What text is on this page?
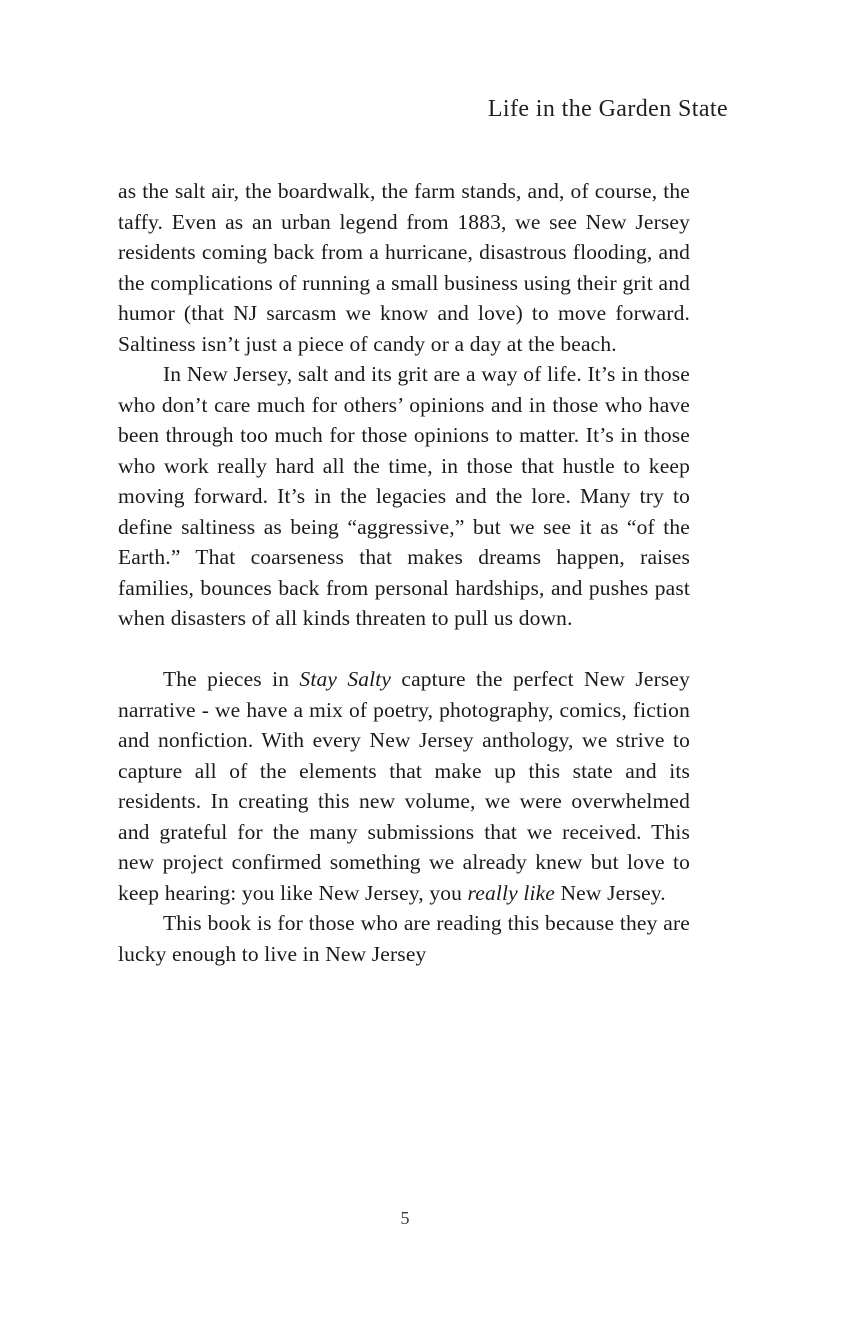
Life in the Garden State

as the salt air, the boardwalk, the farm stands, and, of course, the taffy. Even as an urban legend from 1883, we see New Jersey residents coming back from a hurricane, disastrous flooding, and the complications of running a small business using their grit and humor (that NJ sarcasm we know and love) to move forward. Saltiness isn’t just a piece of candy or a day at the beach.

In New Jersey, salt and its grit are a way of life. It’s in those who don’t care much for others’ opinions and in those who have been through too much for those opinions to matter. It’s in those who work really hard all the time, in those that hustle to keep moving forward. It’s in the legacies and the lore. Many try to define saltiness as being “aggressive,” but we see it as “of the Earth.” That coarseness that makes dreams happen, raises families, bounces back from personal hardships, and pushes past when disasters of all kinds threaten to pull us down.

The pieces in Stay Salty capture the perfect New Jersey narrative - we have a mix of poetry, photography, comics, fiction and nonfiction. With every New Jersey anthology, we strive to capture all of the elements that make up this state and its residents. In creating this new volume, we were overwhelmed and grateful for the many submissions that we received. This new project confirmed something we already knew but love to keep hearing: you like New Jersey, you really like New Jersey.

This book is for those who are reading this because they are lucky enough to live in New Jersey

5
